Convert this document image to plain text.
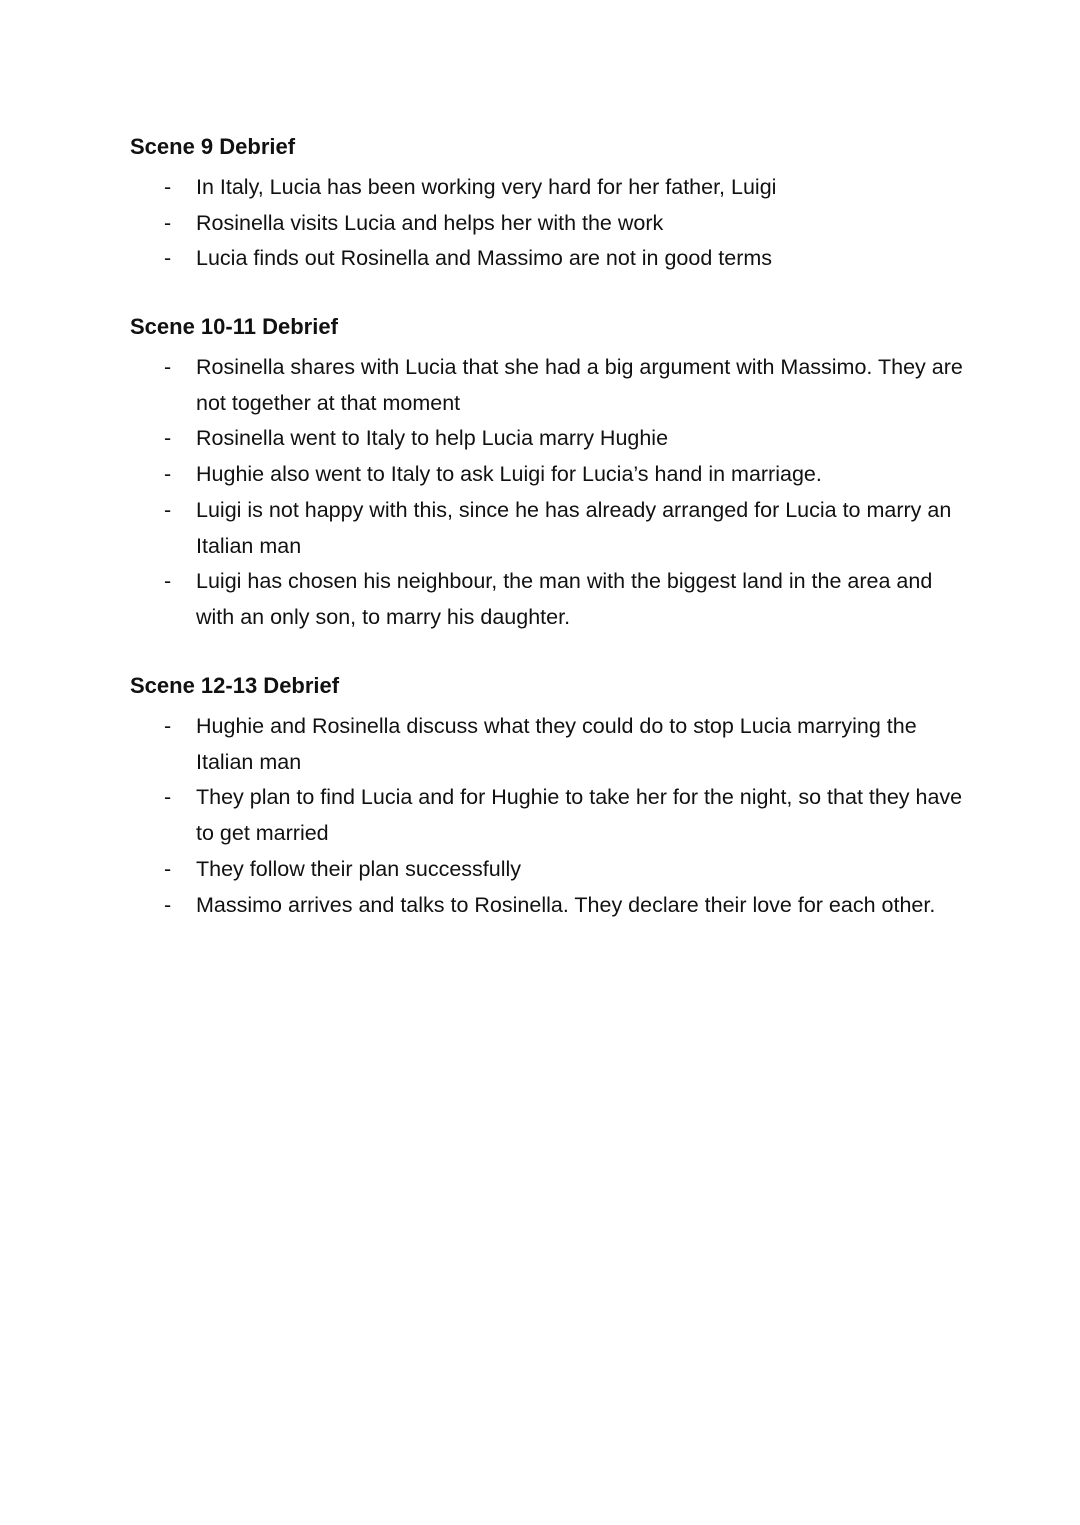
Scene 9 Debrief
- In Italy, Lucia has been working very hard for her father, Luigi
- Rosinella visits Lucia and helps her with the work
- Lucia finds out Rosinella and Massimo are not in good terms
Scene 10-11 Debrief
- Rosinella shares with Lucia that she had a big argument with Massimo. They are not together at that moment
- Rosinella went to Italy to help Lucia marry Hughie
- Hughie also went to Italy to ask Luigi for Lucia’s hand in marriage.
- Luigi is not happy with this, since he has already arranged for Lucia to marry an Italian man
- Luigi has chosen his neighbour, the man with the biggest land in the area and with an only son, to marry his daughter.
Scene 12-13 Debrief
- Hughie and Rosinella discuss what they could do to stop Lucia marrying the Italian man
- They plan to find Lucia and for Hughie to take her for the night, so that they have to get married
- They follow their plan successfully
- Massimo arrives and talks to Rosinella. They declare their love for each other.
